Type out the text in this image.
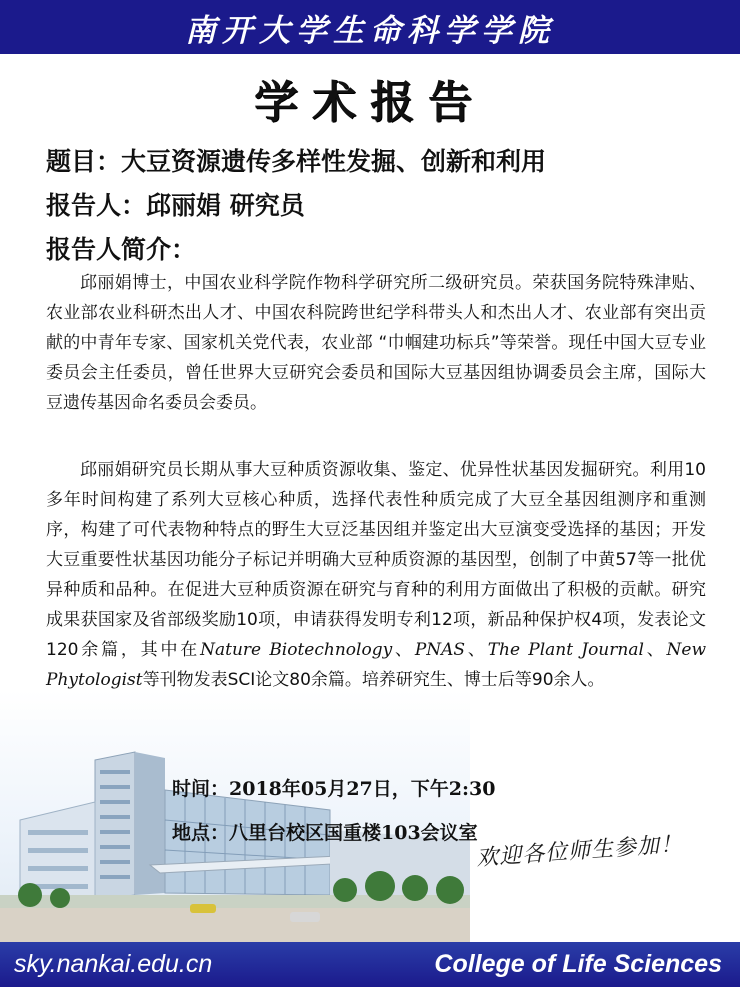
南开大学生命科学学院
学术报告
题目：大豆资源遗传多样性发掘、创新和利用
报告人：邱丽娟 研究员
报告人简介：

邱丽娟博士，中国农业科学院作物科学研究所二级研究员。荣获国务院特殊津贴、农业部农业科研杰出人才、中国农科院跨世纪学科带头人和杰出人才、农业部有突出贡献的中青年专家、国家机关党代表，农业部 “巾帼建功标兵”等荣誉。现任中国大豆专业委员会主任委员，曾任世界大豆研究会委员和国际大豆基因组协调委员会主席，国际大豆遗传基因命名委员会委员。

邱丽娟研究员长期从事大豆种质资源收集、鉴定、优异性状基因发掘研究。利用10多年时间构建了系列大豆核心种质，选择代表性种质完成了大豆全基因组测序和重测序，构建了可代表物种特点的野生大豆泛基因组并鉴定出大豆演变受选择的基因；开发大豆重要性状基因功能分子标记并明确大豆种质资源的基因型，创制了中黄57等一批优异种质和品种。在促进大豆种质资源在研究与育种的利用方面做出了积极的贡献。研究成果获国家及省部级奖励10项，申请获得发明专利12项，新品种保护权4项，发表论文120余篇，其中在Nature Biotechnology、PNAS、The Plant Journal、New Phytologist等刊物发表SCI论文80余篇。培养研究生、博士后等90余人。

时间：2018年05月27日，下午2:30
地点：八里台校区国重楼103会议室
欢迎各位师生参加！
sky.nankai.edu.cn	College of Life Sciences
